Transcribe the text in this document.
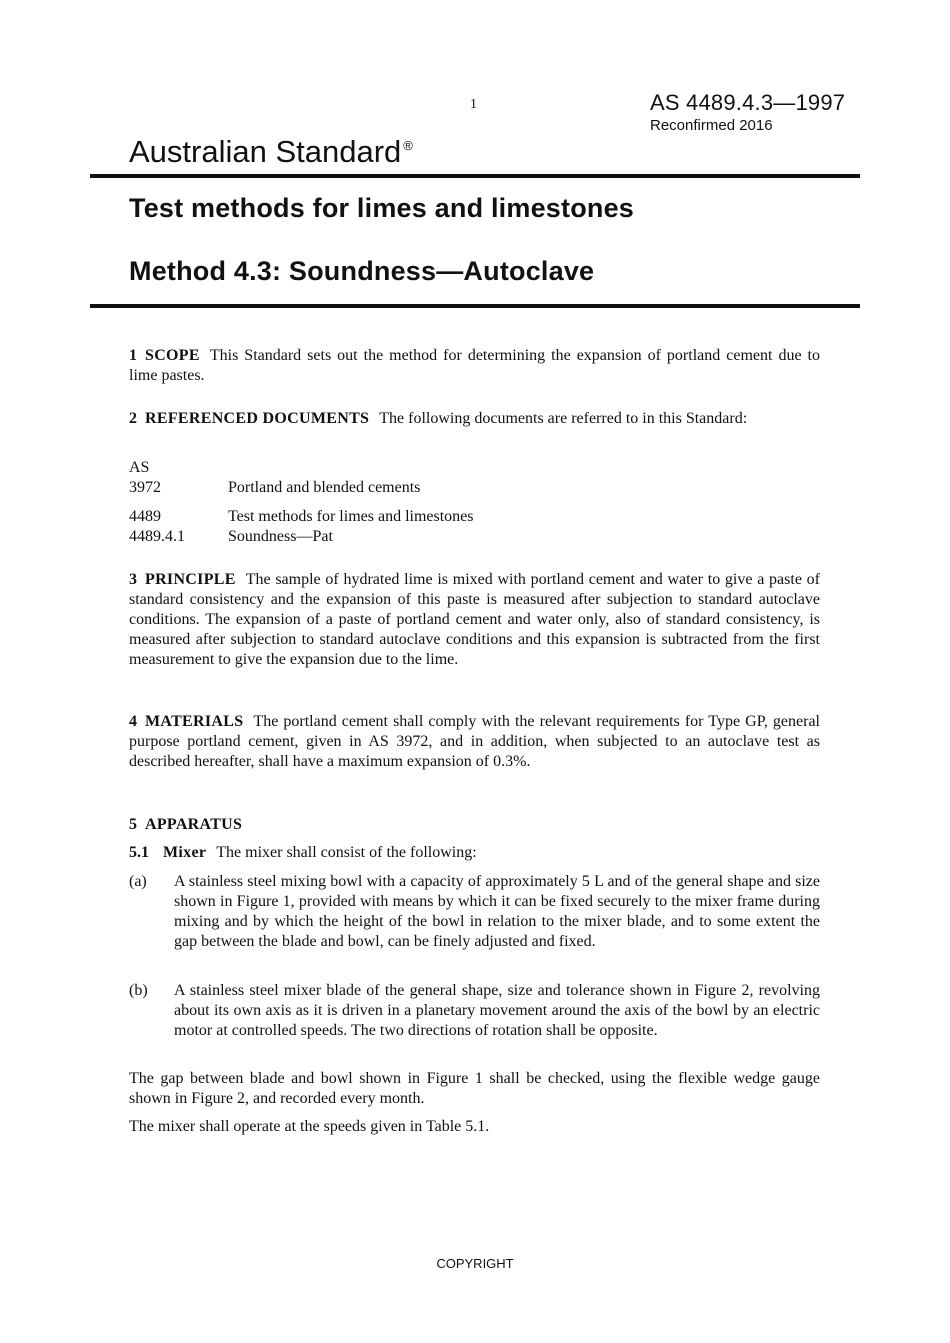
1	AS 4489.4.3—1997
Reconfirmed 2016
Australian Standard ®
Test methods for limes and limestones
Method 4.3: Soundness—Autoclave

1 SCOPE This Standard sets out the method for determining the expansion of portland cement due to lime pastes.

2 REFERENCED DOCUMENTS The following documents are referred to in this Standard:

AS
3972	Portland and blended cements
4489	Test methods for limes and limestones
4489.4.1	Soundness—Pat

3 PRINCIPLE The sample of hydrated lime is mixed with portland cement and water to give a paste of standard consistency and the expansion of this paste is measured after subjection to standard autoclave conditions. The expansion of a paste of portland cement and water only, also of standard consistency, is measured after subjection to standard autoclave conditions and this expansion is subtracted from the first measurement to give the expansion due to the lime.

4 MATERIALS The portland cement shall comply with the relevant requirements for Type GP, general purpose portland cement, given in AS 3972, and in addition, when subjected to an autoclave test as described hereafter, shall have a maximum expansion of 0.3%.

5 APPARATUS

5.1 Mixer The mixer shall consist of the following:

(a) A stainless steel mixing bowl with a capacity of approximately 5 L and of the general shape and size shown in Figure 1, provided with means by which it can be fixed securely to the mixer frame during mixing and by which the height of the bowl in relation to the mixer blade, and to some extent the gap between the blade and bowl, can be finely adjusted and fixed.
(b) A stainless steel mixer blade of the general shape, size and tolerance shown in Figure 2, revolving about its own axis as it is driven in a planetary movement around the axis of the bowl by an electric motor at controlled speeds. The two directions of rotation shall be opposite.

The gap between blade and bowl shown in Figure 1 shall be checked, using the flexible wedge gauge shown in Figure 2, and recorded every month.

The mixer shall operate at the speeds given in Table 5.1.

COPYRIGHT
